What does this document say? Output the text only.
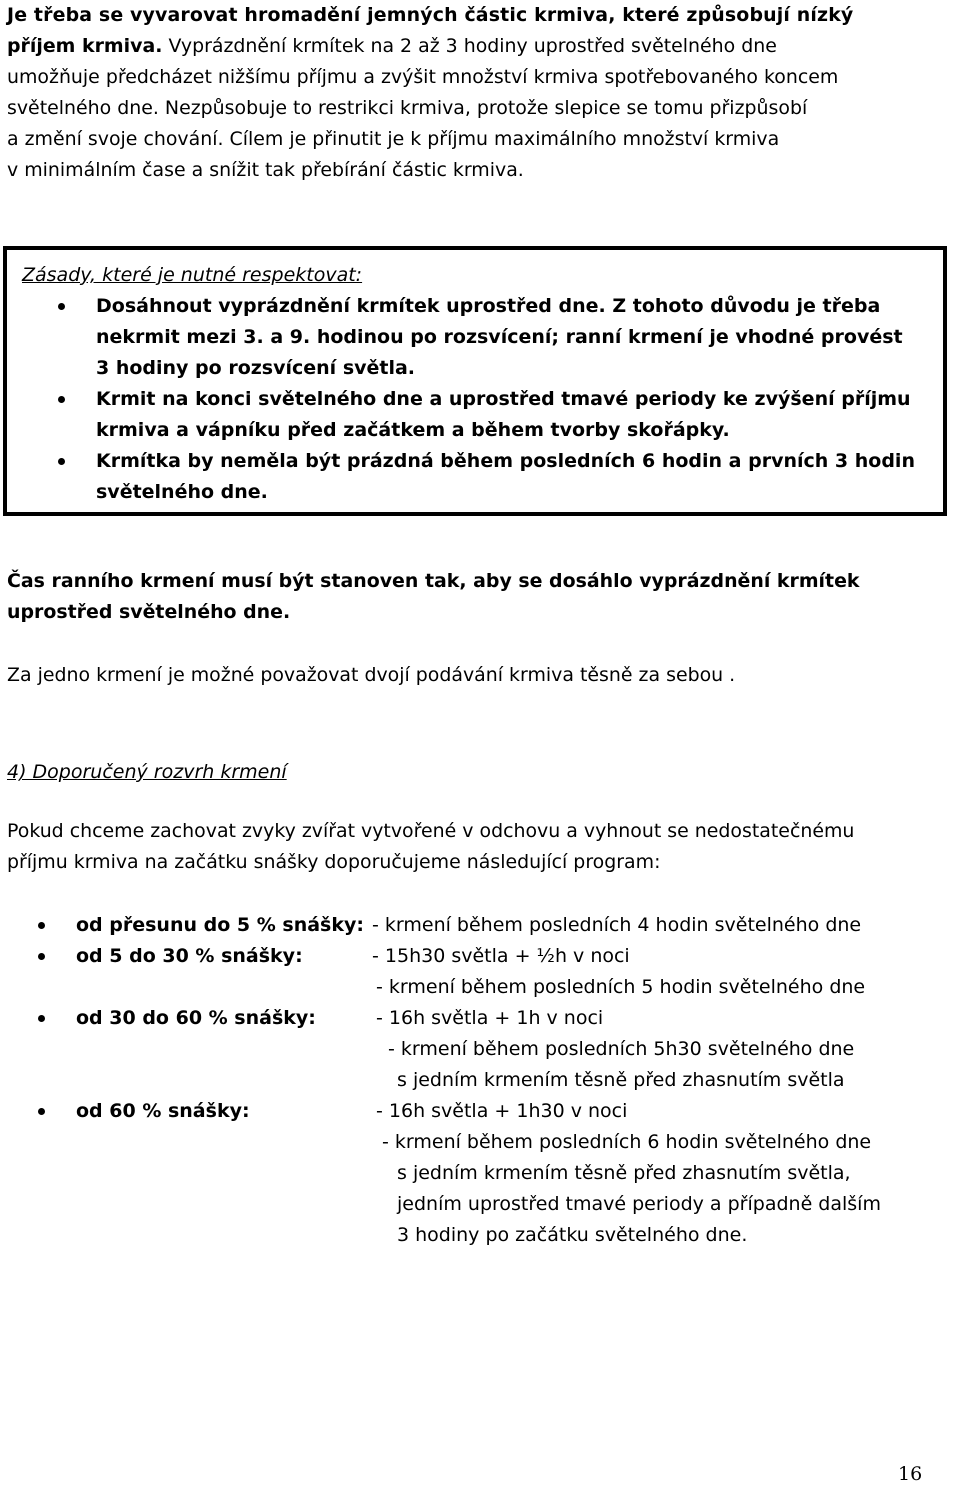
Je třeba se vyvarovat hromadění jemných částic krmiva, které způsobují nízký příjem krmiva. Vyprázdnění krmítek na 2 až 3 hodiny uprostřed světelného dne umožňuje předcházet nižšímu příjmu a zvýšit množství krmiva spotřebovaného koncem světelného dne. Nezpůsobuje to restrikci krmiva, protože slepice se tomu přizpůsobí a změní svoje chování. Cílem je přinutit je k příjmu maximálního množství krmiva v minimálním čase a snížit tak přebírání částic krmiva.
Zásady, které je nutné respektovat:
Dosáhnout vyprázdnění krmítek uprostřed dne. Z tohoto důvodu je třeba
nekrmit mezi 3. a 9. hodinou po rozsvícení; ranní krmení je vhodné provést
3 hodiny po rozsvícení světla.
Krmit na konci světelného dne a uprostřed tmavé periody ke zvýšení příjmu
krmiva a vápníku před začátkem a během tvorby skořápky.
Krmítka by neměla být prázdná během posledních 6 hodin a prvních 3 hodin
světelného dne.
Čas ranního krmení musí být stanoven tak, aby se dosáhlo vyprázdnění krmítek uprostřed světelného dne.
Za jedno krmení je možné považovat dvojí podávání krmiva těsně za sebou .
4) Doporučený rozvrh krmení
Pokud chceme zachovat zvyky zvířat vytvořené v odchovu a vyhnout se nedostatečnému příjmu krmiva na začátku snášky doporučujeme následující program:
od přesunu do 5 % snášky: - krmení během posledních 4 hodin světelného dne
od 5 do 30 % snášky:	- 15h30 světla + ½h v noci
- krmení během posledních 5 hodin světelného dne
od 30 do 60 % snášky:	- 16h světla + 1h v noci
- krmení během posledních 5h30 světelného dne
s jedním krmením těsně před zhasnutím světla
od 60 % snášky:	- 16h světla + 1h30 v noci
- krmení během posledních 6 hodin světelného dne
s jedním krmením těsně před zhasnutím světla,
jedním uprostřed tmavé periody a případně dalším
3 hodiny po začátku světelného dne.
16
